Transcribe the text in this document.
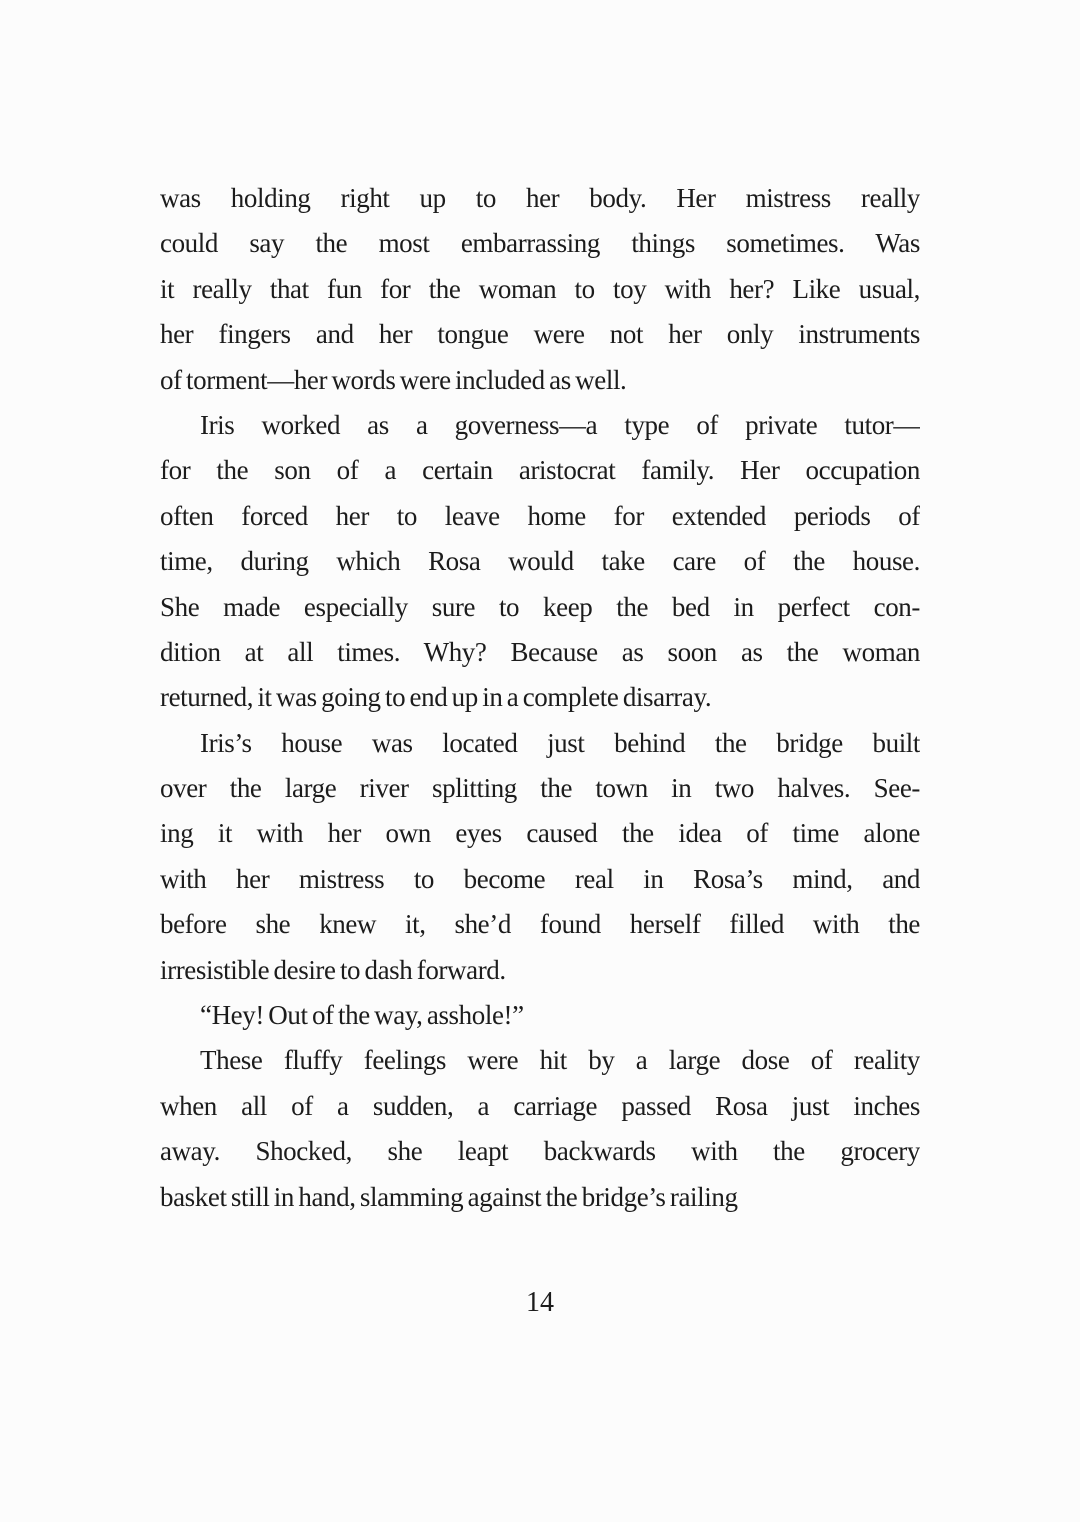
was holding right up to her body. Her mistress really
could say the most embarrassing things sometimes. Was
it really that fun for the woman to toy with her? Like usual,
her fingers and her tongue were not her only instruments
of torment—her words were included as well.
Iris worked as a governess—a type of private tutor—
for the son of a certain aristocrat family. Her occupation
often forced her to leave home for extended periods of
time, during which Rosa would take care of the house.
She made especially sure to keep the bed in perfect con-
dition at all times. Why? Because as soon as the woman
returned, it was going to end up in a complete disarray.
Iris’s house was located just behind the bridge built
over the large river splitting the town in two halves. See-
ing it with her own eyes caused the idea of time alone
with her mistress to become real in Rosa’s mind, and
before she knew it, she’d found herself filled with the
irresistible desire to dash forward.
“Hey! Out of the way, asshole!”
These fluffy feelings were hit by a large dose of reality
when all of a sudden, a carriage passed Rosa just inches
away. Shocked, she leapt backwards with the grocery
basket still in hand, slamming against the bridge’s railing
14
